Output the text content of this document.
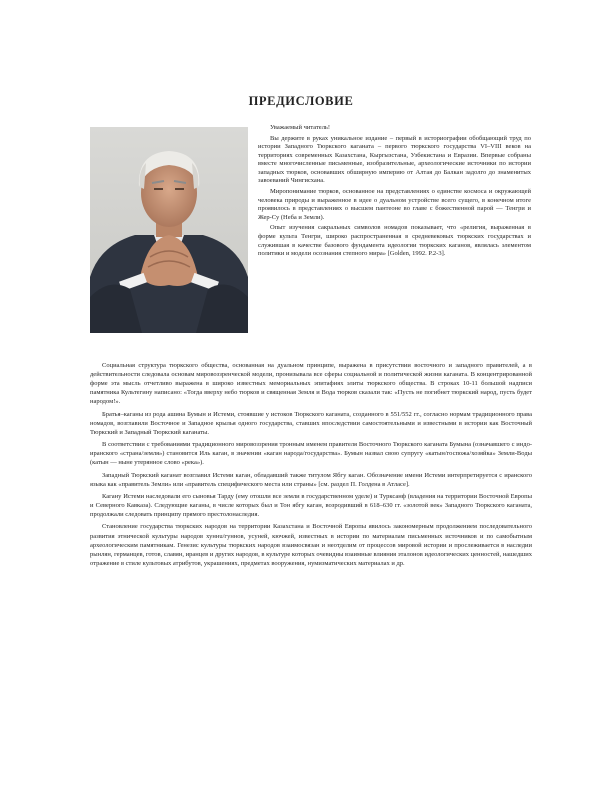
ПРЕДИСЛОВИЕ

Уважаемый читатель!

Вы держите в руках уникальное издание – первый в историографии обобщающий труд по истории Западного Тюркского каганата – первого тюркского государства VI–VIII веков на территориях современных Казахстана, Кыргызстана, Узбекистана и Евразии. Впервые собраны вместе многочисленные письменные, изобразительные, археологические источники по истории западных тюрков, основавших обширную империю от Алтая до Балкан задолго до знаменитых завоеваний Чингисхана.

Миропонимание тюрков, основанное на представлениях о единстве космоса и окружающей человека природы и выраженное в идее о дуальном устройстве всего сущего, в конечном итоге проявилось в представлениях о высшем пантеоне во главе с божественной парой — Тенгри и Жер-Су (Неба и Земли).

Опыт изучения сакральных символов номадов показывает, что «религия, выраженная в форме культа Тенгри, широко распространенная в средневековых тюркских государствах и служившая в качестве базового фундамента идеологии тюркских каганов, являлась элементом политики и модели осознания степного мира» [Golden, 1992. P.2-3].

Социальная структура тюркского общества, основанная на дуальном принципе, выражена в присутствии восточного и западного правителей, а в действительности следовала основам мировоззренческой модели, пронизывала все сферы социальной и политической жизни каганата. В концентрированной форме эта мысль отчетливо выражена в широко известных мемориальных эпитафиях элиты тюркского общества. В строках 10-11 большой надписи памятника Культегину написано: «Тогда вверху небо тюрков и священная Земля и Вода тюрков сказали так: «Пусть не погибнет тюркский народ, пусть будет народом!».

Братья–каганы из рода ашина Бумын и Истеми, стоявшие у истоков Тюркского каганата, созданного в 551/552 гг., согласно нормам традиционного права номадов, возглавили Восточное и Западное крылья одного государства, ставших впоследствии самостоятельными и известными в истории как Восточный Тюркский и Западный Тюркский каганаты.

В соответствии с требованиями традиционного мировоззрения тронным именем правителя Восточного Тюркского каганата Бумына (означавшего с индо-иранского «страна/земля») становится Иль каган, в значении «каган народа/государства». Бумын назвал свою супругу «катын/госпожа/хозяйка» Земли-Воды (катын — ныне утерянное слово «река»).

Западный Тюркский каганат возглавил Истеми каган, обладавший также титулом Ябгу каган. Обозначение имени Истеми интерпретируется с иранского языка как «правитель Земли» или «правитель специфического места или страны» [см. раздел П. Голдена в Атласе].

Кагану Истеми наследовали его сыновья Тарду (ему отошли все земли в государственном уделе) и Турксанф (владения на территории Восточной Европы и Северного Кавказа). Следующие каганы, в числе которых был и Тон ябгу каган, возродивший в 618–630 гг. «золотой век» Западного Тюркского каганата, продолжали следовать принципу прямого престолонаследия.

Становление государства тюркских народов на территории Казахстана и Восточной Европы явилось закономерным продолжением последовательного развития этнической культуры народов хуннu/гуннов, усуней, кючжей, известных в истории по материалам письменных источников и по самобытным археологическим памятникам. Генезис культуры тюркских народов взаимосвязан и неотделим от процессов мировой истории и прослеживается в наследии рынлян, германцев, готов, славян, иранцев и других народов, в культуре которых очевидны взаимные влияния эталонов идеологических ценностей, нашедших отражение в стиле культовых атрибутов, украшениях, предметах вооружения, нумизматических материалах и др.
